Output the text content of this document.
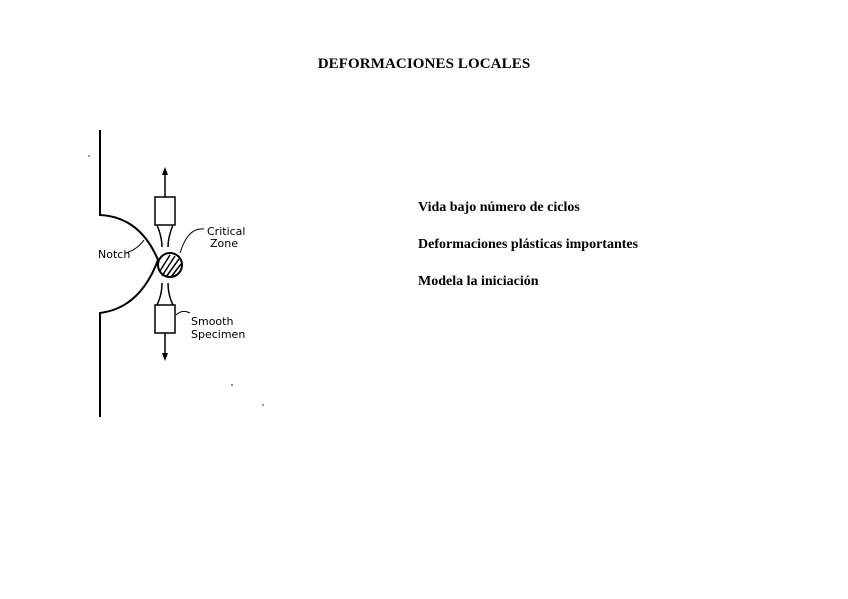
DEFORMACIONES LOCALES
Notch
Critical
Zone
Smooth
Specimen
Vida bajo número de ciclos
Deformaciones plásticas importantes
Modela la iniciación
